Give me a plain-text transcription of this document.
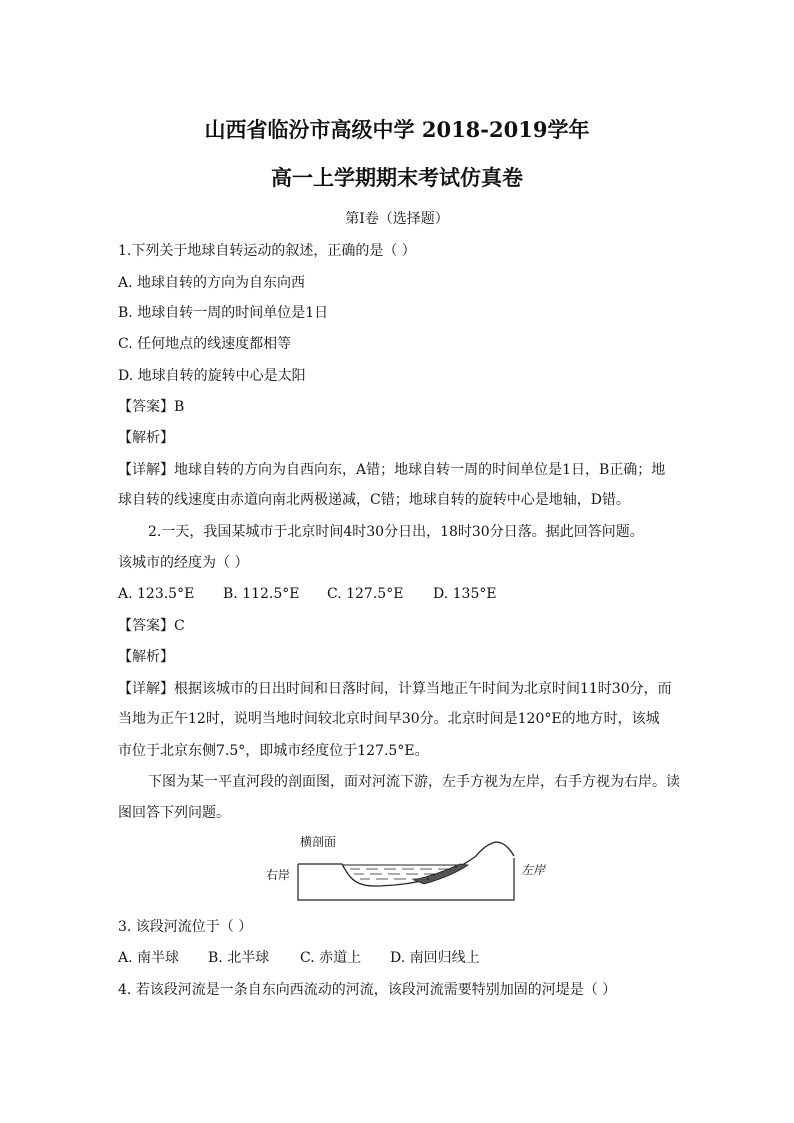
山西省临汾市高级中学 2018-2019学年
高一上学期期末考试仿真卷
第Ⅰ卷（选择题）
1.下列关于地球自转运动的叙述，正确的是（ ）
A. 地球自转的方向为自东向西
B. 地球自转一周的时间单位是1日
C. 任何地点的线速度都相等
D. 地球自转的旋转中心是太阳
【答案】B
【解析】
【详解】地球自转的方向为自西向东，A错；地球自转一周的时间单位是1日，B正确；地
球自转的线速度由赤道向南北两极递减，C错；地球自转的旋转中心是地轴，D错。
2.一天，我国某城市于北京时间4时30分日出，18时30分日落。据此回答问题。
该城市的经度为（ ）
A. 123.5°E B. 112.5°E C. 127.5°E D. 135°E
【答案】C
【解析】
【详解】根据该城市的日出时间和日落时间，计算当地正午时间为北京时间11时30分，而
当地为正午12时，说明当地时间较北京时间早30分。北京时间是120°E的地方时，该城
市位于北京东侧7.5°，即城市经度位于127.5°E。
下图为某一平直河段的剖面图，面对河流下游，左手方视为左岸，右手方视为右岸。读
图回答下列问题。
横剖面
右岸	左岸
3. 该段河流位于（ ）
A. 南半球 B. 北半球 C. 赤道上 D. 南回归线上
4. 若该段河流是一条自东向西流动的河流，该段河流需要特别加固的河堤是（ ）
